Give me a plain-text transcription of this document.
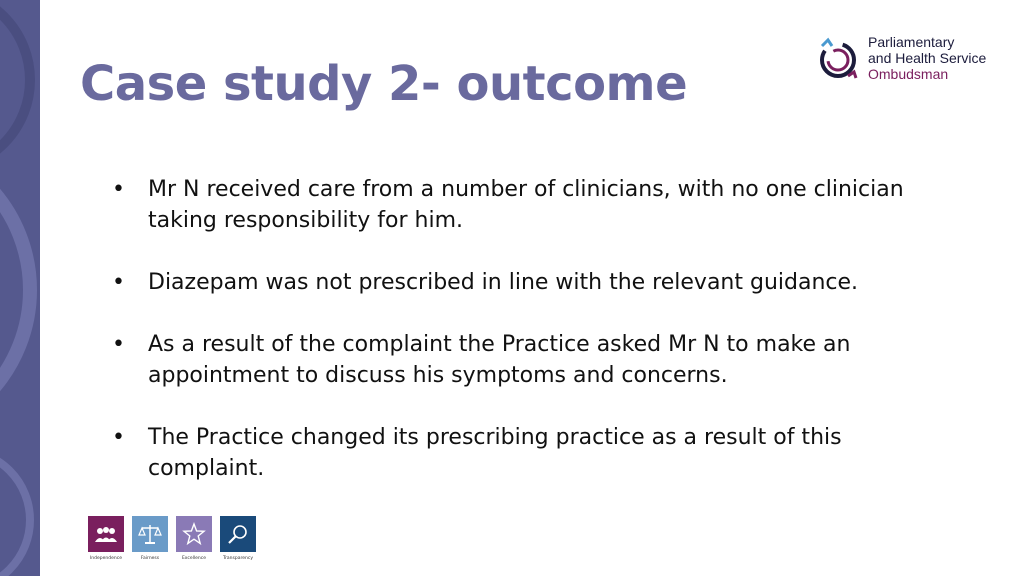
Case study 2- outcome
Parliamentary
and Health Service
Ombudsman
• Mr N received care from a number of clinicians, with no one clinician taking responsibility for him.
• Diazepam was not prescribed in line with the relevant guidance.
• As a result of the complaint the Practice asked Mr N to make an appointment to discuss his symptoms and concerns.
• The Practice changed its prescribing practice as a result of this complaint.
Independence	Fairness	Excellence	Transparency
